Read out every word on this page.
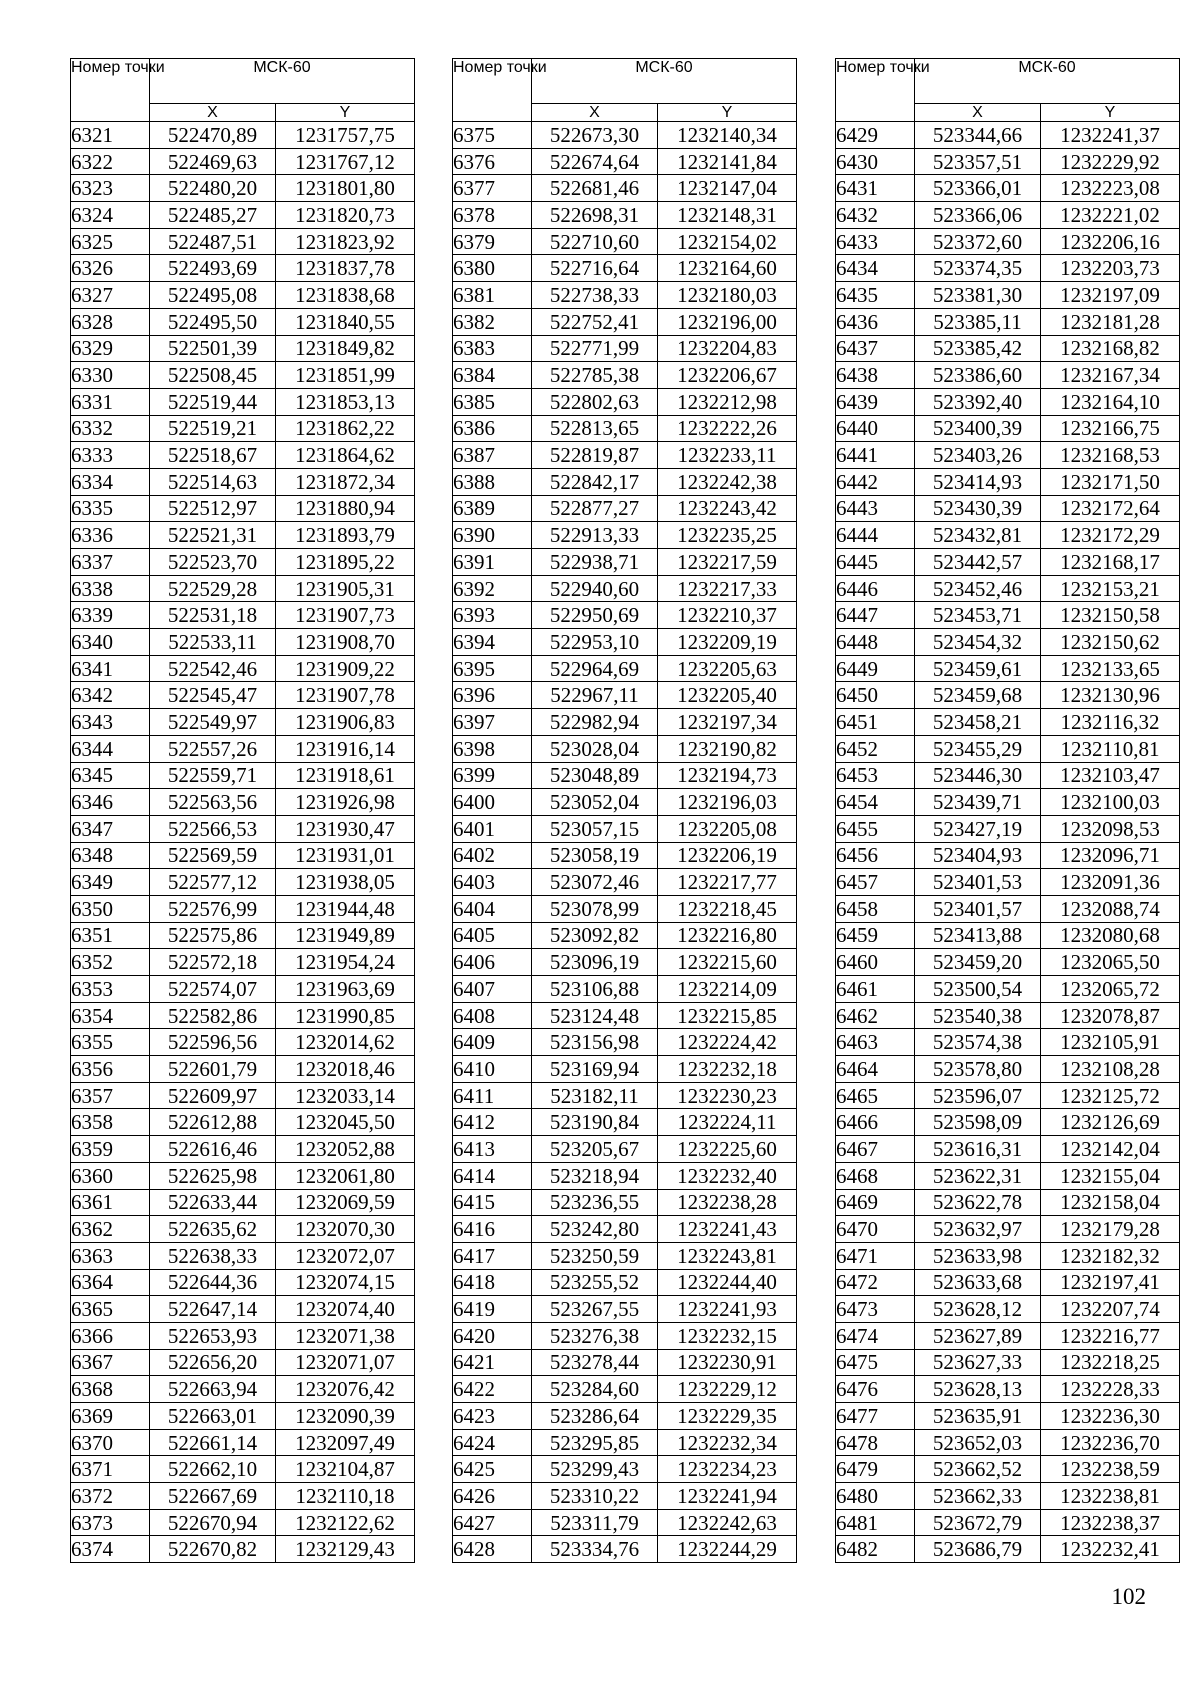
Номер точки	МСК-60	
	X	Y
6321	522470,89	1231757,75
6322	522469,63	1231767,12
6323	522480,20	1231801,80
6324	522485,27	1231820,73
6325	522487,51	1231823,92
6326	522493,69	1231837,78
6327	522495,08	1231838,68
6328	522495,50	1231840,55
6329	522501,39	1231849,82
6330	522508,45	1231851,99
6331	522519,44	1231853,13
6332	522519,21	1231862,22
6333	522518,67	1231864,62
6334	522514,63	1231872,34
6335	522512,97	1231880,94
6336	522521,31	1231893,79
6337	522523,70	1231895,22
6338	522529,28	1231905,31
6339	522531,18	1231907,73
6340	522533,11	1231908,70
6341	522542,46	1231909,22
6342	522545,47	1231907,78
6343	522549,97	1231906,83
6344	522557,26	1231916,14
6345	522559,71	1231918,61
6346	522563,56	1231926,98
6347	522566,53	1231930,47
6348	522569,59	1231931,01
6349	522577,12	1231938,05
6350	522576,99	1231944,48
6351	522575,86	1231949,89
6352	522572,18	1231954,24
6353	522574,07	1231963,69
6354	522582,86	1231990,85
6355	522596,56	1232014,62
6356	522601,79	1232018,46
6357	522609,97	1232033,14
6358	522612,88	1232045,50
6359	522616,46	1232052,88
6360	522625,98	1232061,80
6361	522633,44	1232069,59
6362	522635,62	1232070,30
6363	522638,33	1232072,07
6364	522644,36	1232074,15
6365	522647,14	1232074,40
6366	522653,93	1232071,38
6367	522656,20	1232071,07
6368	522663,94	1232076,42
6369	522663,01	1232090,39
6370	522661,14	1232097,49
6371	522662,10	1232104,87
6372	522667,69	1232110,18
6373	522670,94	1232122,62
6374	522670,82	1232129,43
Номер точки	МСК-60	
	X	Y
6375	522673,30	1232140,34
6376	522674,64	1232141,84
6377	522681,46	1232147,04
6378	522698,31	1232148,31
6379	522710,60	1232154,02
6380	522716,64	1232164,60
6381	522738,33	1232180,03
6382	522752,41	1232196,00
6383	522771,99	1232204,83
6384	522785,38	1232206,67
6385	522802,63	1232212,98
6386	522813,65	1232222,26
6387	522819,87	1232233,11
6388	522842,17	1232242,38
6389	522877,27	1232243,42
6390	522913,33	1232235,25
6391	522938,71	1232217,59
6392	522940,60	1232217,33
6393	522950,69	1232210,37
6394	522953,10	1232209,19
6395	522964,69	1232205,63
6396	522967,11	1232205,40
6397	522982,94	1232197,34
6398	523028,04	1232190,82
6399	523048,89	1232194,73
6400	523052,04	1232196,03
6401	523057,15	1232205,08
6402	523058,19	1232206,19
6403	523072,46	1232217,77
6404	523078,99	1232218,45
6405	523092,82	1232216,80
6406	523096,19	1232215,60
6407	523106,88	1232214,09
6408	523124,48	1232215,85
6409	523156,98	1232224,42
6410	523169,94	1232232,18
6411	523182,11	1232230,23
6412	523190,84	1232224,11
6413	523205,67	1232225,60
6414	523218,94	1232232,40
6415	523236,55	1232238,28
6416	523242,80	1232241,43
6417	523250,59	1232243,81
6418	523255,52	1232244,40
6419	523267,55	1232241,93
6420	523276,38	1232232,15
6421	523278,44	1232230,91
6422	523284,60	1232229,12
6423	523286,64	1232229,35
6424	523295,85	1232232,34
6425	523299,43	1232234,23
6426	523310,22	1232241,94
6427	523311,79	1232242,63
6428	523334,76	1232244,29
Номер точки	МСК-60	
	X	Y
6429	523344,66	1232241,37
6430	523357,51	1232229,92
6431	523366,01	1232223,08
6432	523366,06	1232221,02
6433	523372,60	1232206,16
6434	523374,35	1232203,73
6435	523381,30	1232197,09
6436	523385,11	1232181,28
6437	523385,42	1232168,82
6438	523386,60	1232167,34
6439	523392,40	1232164,10
6440	523400,39	1232166,75
6441	523403,26	1232168,53
6442	523414,93	1232171,50
6443	523430,39	1232172,64
6444	523432,81	1232172,29
6445	523442,57	1232168,17
6446	523452,46	1232153,21
6447	523453,71	1232150,58
6448	523454,32	1232150,62
6449	523459,61	1232133,65
6450	523459,68	1232130,96
6451	523458,21	1232116,32
6452	523455,29	1232110,81
6453	523446,30	1232103,47
6454	523439,71	1232100,03
6455	523427,19	1232098,53
6456	523404,93	1232096,71
6457	523401,53	1232091,36
6458	523401,57	1232088,74
6459	523413,88	1232080,68
6460	523459,20	1232065,50
6461	523500,54	1232065,72
6462	523540,38	1232078,87
6463	523574,38	1232105,91
6464	523578,80	1232108,28
6465	523596,07	1232125,72
6466	523598,09	1232126,69
6467	523616,31	1232142,04
6468	523622,31	1232155,04
6469	523622,78	1232158,04
6470	523632,97	1232179,28
6471	523633,98	1232182,32
6472	523633,68	1232197,41
6473	523628,12	1232207,74
6474	523627,89	1232216,77
6475	523627,33	1232218,25
6476	523628,13	1232228,33
6477	523635,91	1232236,30
6478	523652,03	1232236,70
6479	523662,52	1232238,59
6480	523662,33	1232238,81
6481	523672,79	1232238,37
6482	523686,79	1232232,41
102
